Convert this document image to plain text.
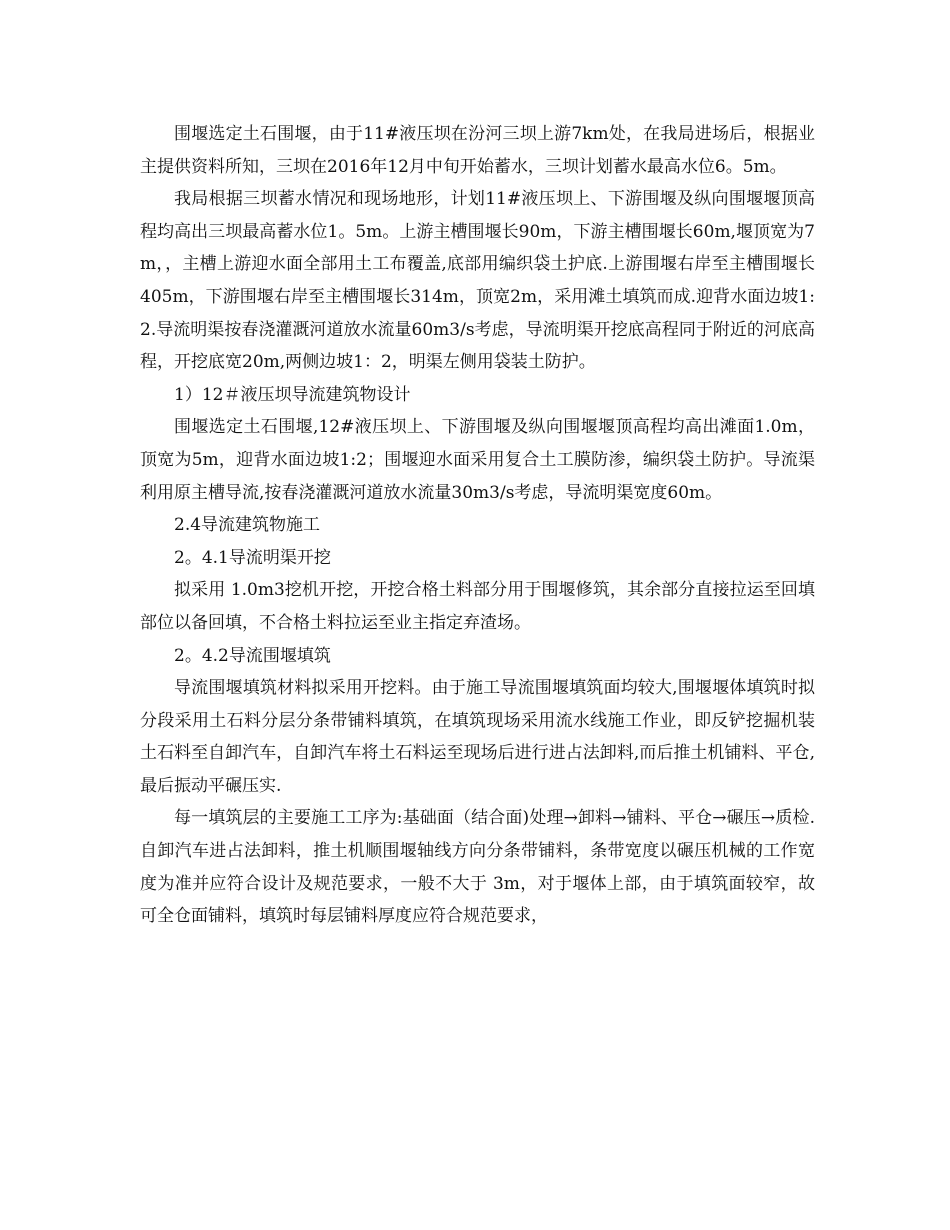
围堰选定土石围堰，由于11#液压坝在汾河三坝上游7km处，在我局进场后，根据业主提供资料所知，三坝在2016年12月中旬开始蓄水，三坝计划蓄水最高水位6。5m。

我局根据三坝蓄水情况和现场地形，计划11#液压坝上、下游围堰及纵向围堰堰顶高程均高出三坝最高蓄水位1。5m。上游主槽围堰长90m，下游主槽围堰长60m,堰顶宽为7m，，主槽上游迎水面全部用土工布覆盖,底部用编织袋土护底.上游围堰右岸至主槽围堰长405m，下游围堰右岸至主槽围堰长314m，顶宽2m，采用滩土填筑而成.迎背水面边坡1:2.导流明渠按春浇灌溉河道放水流量60m3/s考虑，导流明渠开挖底高程同于附近的河底高程，开挖底宽20m,两侧边坡1：2，明渠左侧用袋装土防护。

1）12＃液压坝导流建筑物设计

围堰选定土石围堰,12#液压坝上、下游围堰及纵向围堰堰顶高程均高出滩面1.0m，顶宽为5m，迎背水面边坡1:2；围堰迎水面采用复合土工膜防渗，编织袋土防护。导流渠利用原主槽导流,按春浇灌溉河道放水流量30m3/s考虑，导流明渠宽度60m。

2.4导流建筑物施工

2。4.1导流明渠开挖

拟采用 1.0m3挖机开挖，开挖合格土料部分用于围堰修筑，其余部分直接拉运至回填部位以备回填，不合格土料拉运至业主指定弃渣场。

2。4.2导流围堰填筑

导流围堰填筑材料拟采用开挖料。由于施工导流围堰填筑面均较大,围堰堰体填筑时拟分段采用土石料分层分条带铺料填筑，在填筑现场采用流水线施工作业，即反铲挖掘机装土石料至自卸汽车，自卸汽车将土石料运至现场后进行进占法卸料,而后推土机铺料、平仓,最后振动平碾压实.

每一填筑层的主要施工工序为:基础面（结合面)处理→卸料→铺料、平仓→碾压→质检.自卸汽车进占法卸料，推土机顺围堰轴线方向分条带铺料，条带宽度以碾压机械的工作宽度为准并应符合设计及规范要求，一般不大于 3m，对于堰体上部，由于填筑面较窄，故可全仓面铺料，填筑时每层铺料厚度应符合规范要求，
